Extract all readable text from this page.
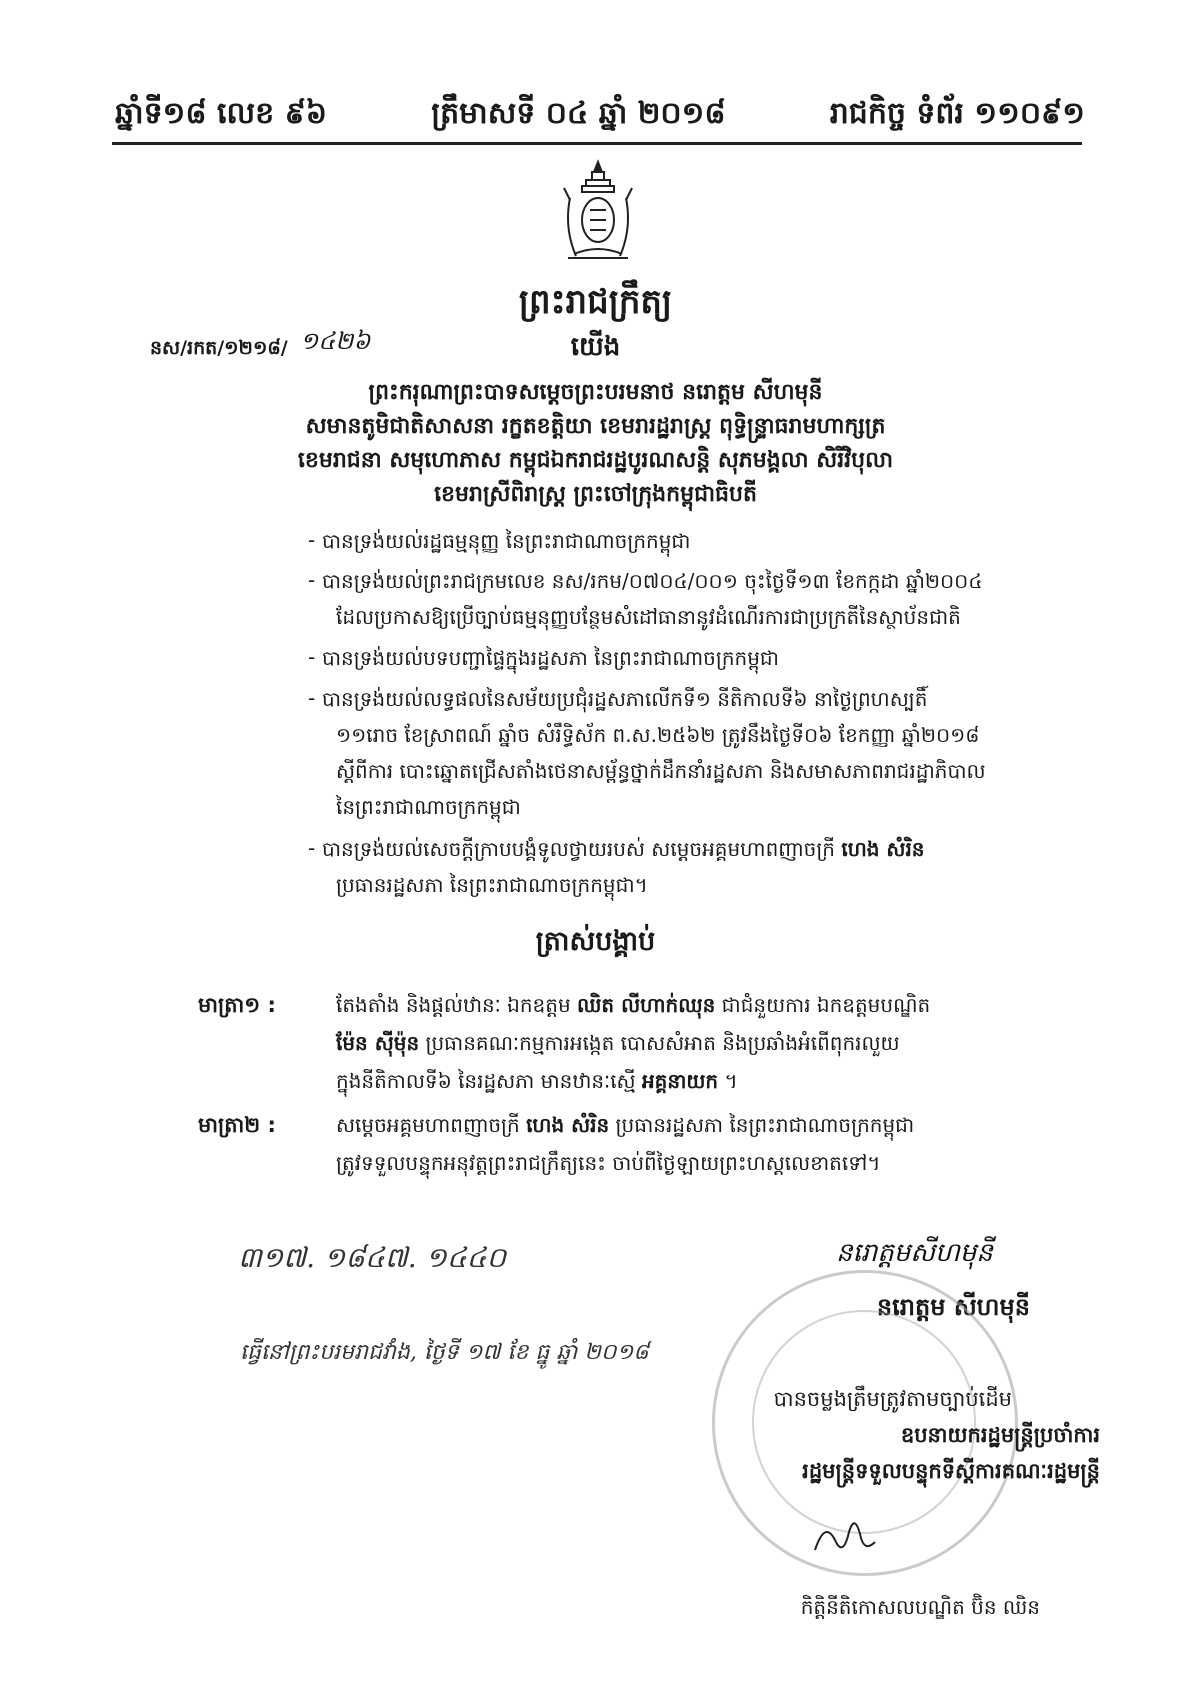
ឆ្នាំទី១៨ លេខ ៩៦	ត្រឹមាសទី ០៤ ឆ្នាំ ២០១៨	រាជកិច្ច ទំព័រ ១១០៩១
ព្រះរាជក្រឹត្យ
នស/រកត/១២១៨/ ១៤២៦	យើង
ព្រះករុណាព្រះបាទសម្តេចព្រះបរមនាថ នរោត្តម សីហមុនី
សមានតូមិជាតិសាសនា រក្ខតខត្តិយា ខេមរារដ្ឋរាស្ត្រ ពុទ្ធិន្ទ្រាធរាមហាក្សត្រ
ខេមរាជនា សមុហោភាស កម្ពុជឯករាជរដ្ឋបូរណសន្តិ សុភមង្គលា សិរីវិបុលា
ខេមរាស្រីពិរាស្ត្រ ព្រះចៅក្រុងកម្ពុជាធិបតី
- បានទ្រង់យល់រដ្ឋធម្មនុញ្ញ នៃព្រះរាជាណាចក្រកម្ពុជា
- បានទ្រង់យល់ព្រះរាជក្រមលេខ នស/រកម/០៧០៤/០០១ ចុះថ្ងៃទី១៣ ខែកក្កដា ឆ្នាំ២០០៤
ដែលប្រកាសឱ្យប្រើច្បាប់ធម្មនុញ្ញបន្ថែមសំដៅធានានូវដំណើរការជាប្រក្រតីនៃស្ថាប័នជាតិ
- បានទ្រង់យល់បទបញ្ជាផ្ទៃក្នុងរដ្ឋសភា នៃព្រះរាជាណាចក្រកម្ពុជា
- បានទ្រង់យល់លទ្ធផលនៃសម័យប្រជុំរដ្ឋសភាលើកទី១ នីតិកាលទី៦ នាថ្ងៃព្រហស្បតិ៍
១១រោច ខែស្រាពណ៍ ឆ្នាំច សំរឹទ្ធិស័ក ព.ស.២៥៦២ ត្រូវនឹងថ្ងៃទី០៦ ខែកញ្ញា ឆ្នាំ២០១៨
ស្តីពីការ បោះឆ្នោតជ្រើសតាំងថេនាសម្ព័ន្ធថ្នាក់ដឹកនាំរដ្ឋសភា និងសមាសភាពរាជរដ្ឋាភិបាល
នៃព្រះរាជាណាចក្រកម្ពុជា
- បានទ្រង់យល់សេចក្តីក្រាបបង្គំទូលថ្វាយរបស់ សម្តេចអគ្គមហាពញាចក្រី ហេង សំរិន
ប្រធានរដ្ឋសភា នៃព្រះរាជាណាចក្រកម្ពុជា។
ត្រាស់បង្គាប់
មាត្រា១ :	តែងតាំង និងផ្តល់ឋានៈ ឯកឧត្តម ឈិត លីហាក់ឈុន ជាជំនួយការ ឯកឧត្តមបណ្ឌិត
ម៉ែន ស៊ីម៉ុន ប្រធានគណៈកម្មការអង្កេត បោសសំអាត និងប្រឆាំងអំពើពុករលួយ
ក្នុងនីតិកាលទី៦ នៃរដ្ឋសភា មានឋានៈស្មើ អគ្គនាយក ។
មាត្រា២ :	សម្តេចអគ្គមហាពញាចក្រី ហេង សំរិន ប្រធានរដ្ឋសភា នៃព្រះរាជាណាចក្រកម្ពុជា
ត្រូវទទួលបន្ទុកអនុវត្តព្រះរាជក្រឹត្យនេះ ចាប់ពីថ្ងៃឡាយព្រះហស្តលេខាតទៅ។
៣១៧. ១៨៤៧. ១៤៤០	នរោត្តមសីហមុនី
នរោត្តម សីហមុនី
ធ្វើនៅព្រះបរមរាជវាំង, ថ្ងៃទី ១៧ ខែ ធ្នូ ឆ្នាំ ២០១៨
បានចម្លងត្រឹមត្រូវតាមច្បាប់ដើម
ឧបនាយករដ្ឋមន្ត្រីប្រចាំការ
រដ្ឋមន្ត្រីទទួលបន្ទុកទីស្តីការគណៈរដ្ឋមន្ត្រី
កិត្តិនីតិកោសលបណ្ឌិត ប៊ិន ឈិន
